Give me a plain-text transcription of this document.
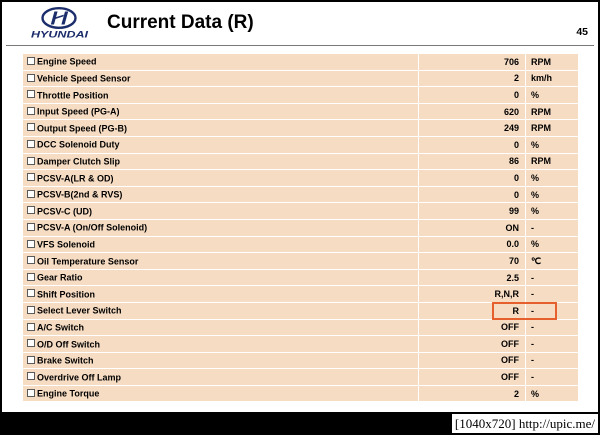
HYUNDAI
Current Data (R)	45
Engine Speed	706	RPM
Vehicle Speed Sensor	2	km/h
Throttle Position	0	%
Input Speed (PG-A)	620	RPM
Output Speed (PG-B)	249	RPM
DCC Solenoid Duty	0	%
Damper Clutch Slip	86	RPM
PCSV-A(LR & OD)	0	%
PCSV-B(2nd & RVS)	0	%
PCSV-C (UD)	99	%
PCSV-A (On/Off Solenoid)	ON	-
VFS Solenoid	0.0	%
Oil Temperature Sensor	70	℃
Gear Ratio	2.5	-
Shift Position	R,N,R	-
Select Lever Switch	R	-
A/C Switch	OFF	-
O/D Off Switch	OFF	-
Brake Switch	OFF	-
Overdrive Off Lamp	OFF	-
Engine Torque	2	%
[1040x720] http://upic.me/
